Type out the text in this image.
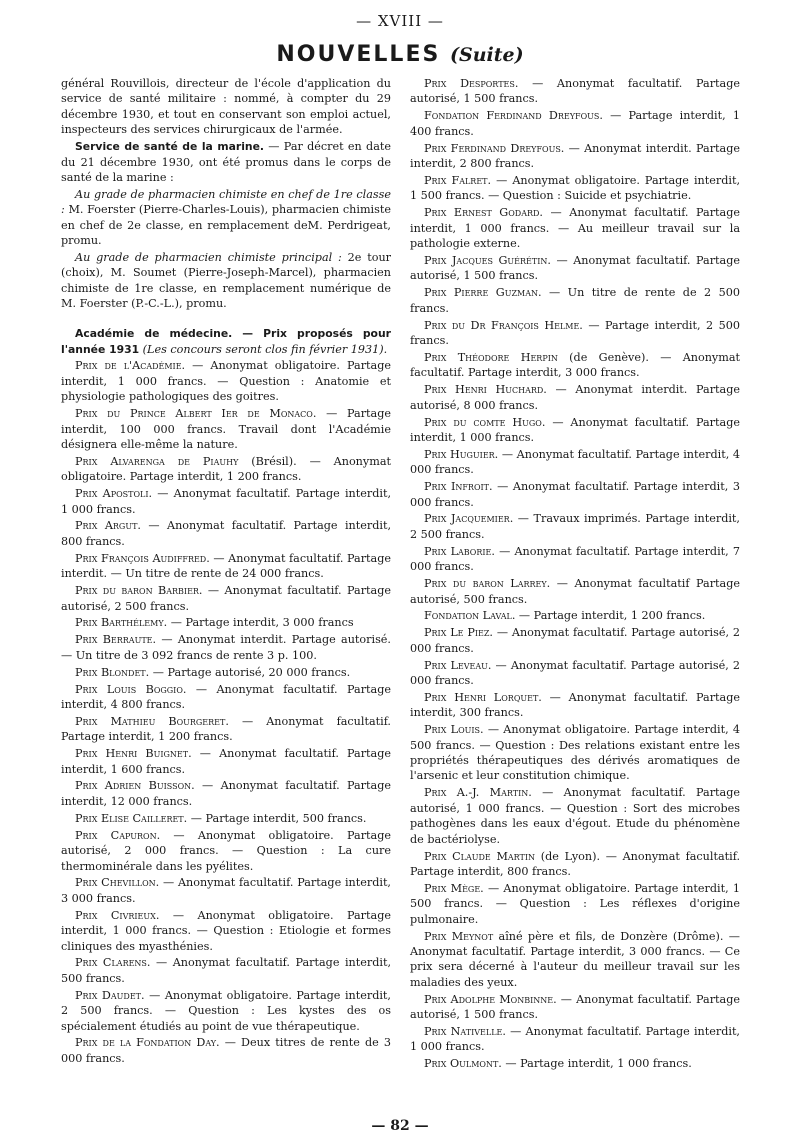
— XVIII —
NOUVELLES (Suite)

général Rouvillois, directeur de l'école d'application du service de santé militaire : nommé, à compter du 29 décembre 1930, et tout en conservant son emploi actuel, inspecteurs des services chirurgicaux de l'armée.

Service de santé de la marine. — Par décret en date du 21 décembre 1930, ont été promus dans le corps de santé de la marine :

Au grade de pharmacien chimiste en chef de 1re classe : M. Foerster (Pierre-Charles-Louis), pharmacien chimiste en chef de 2e classe, en remplacement deM. Perdrigeat, promu.

Au grade de pharmacien chimiste principal : 2e tour (choix), M. Soumet (Pierre-Joseph-Marcel), pharmacien chimiste de 1re classe, en remplacement numérique de M. Foerster (P.-C.-L.), promu.

Académie de médecine. — Prix proposés pour l'année 1931 (Les concours seront clos fin février 1931).

Prix de l'Académie. — Anonymat obligatoire. Partage interdit, 1 000 francs. — Question : Anatomie et physiologie pathologiques des goitres.

Prix du Prince Albert Ier de Monaco. — Partage interdit, 100 000 francs. Travail dont l'Académie désignera elle-même la nature.

Prix Alvarenga de Piauhy (Brésil). — Anonymat obligatoire. Partage interdit, 1 200 francs.

Prix Apostoli. — Anonymat facultatif. Partage interdit, 1 000 francs.

Prix Argut. — Anonymat facultatif. Partage interdit, 800 francs.

Prix François Audiffred. — Anonymat facultatif. Partage interdit. — Un titre de rente de 24 000 francs.

Prix du baron Barbier. — Anonymat facultatif. Partage autorisé, 2 500 francs.

Prix Barthélemy. — Partage interdit, 3 000 francs

Prix Berraute. — Anonymat interdit. Partage autorisé. — Un titre de 3 092 francs de rente 3 p. 100.

Prix Blondet. — Partage autorisé, 20 000 francs.

Prix Louis Boggio. — Anonymat facultatif. Partage interdit, 4 800 francs.

Prix Mathieu Bourgeret. — Anonymat facultatif. Partage interdit, 1 200 francs.

Prix Henri Buignet. — Anonymat facultatif. Partage interdit, 1 600 francs.

Prix Adrien Buisson. — Anonymat facultatif. Partage interdit, 12 000 francs.

Prix Elise Cailleret. — Partage interdit, 500 francs.

Prix Capuron. — Anonymat obligatoire. Partage autorisé, 2 000 francs. — Question : La cure thermominérale dans les pyélites.

Prix Chevillon. — Anonymat facultatif. Partage interdit, 3 000 francs.

Prix Civrieux. — Anonymat obligatoire. Partage interdit, 1 000 francs. — Question : Etiologie et formes cliniques des myasthénies.

Prix Clarens. — Anonymat facultatif. Partage interdit, 500 francs.

Prix Daudet. — Anonymat obligatoire. Partage interdit, 2 500 francs. — Question : Les kystes des os spécialement étudiés au point de vue thérapeutique.

Prix de la Fondation Day. — Deux titres de rente de 3 000 francs.

Prix Desportes. — Anonymat facultatif. Partage autorisé, 1 500 francs.

Fondation Ferdinand Dreyfous. — Partage interdit, 1 400 francs.

Prix Ferdinand Dreyfous. — Anonymat interdit. Partage interdit, 2 800 francs.

Prix Falret. — Anonymat obligatoire. Partage interdit, 1 500 francs. — Question : Suicide et psychiatrie.

Prix Ernest Godard. — Anonymat facultatif. Partage interdit, 1 000 francs. — Au meilleur travail sur la pathologie externe.

Prix Jacques Guérétin. — Anonymat facultatif. Partage autorisé, 1 500 francs.

Prix Pierre Guzman. — Un titre de rente de 2 500 francs.

Prix du Dr François Helme. — Partage interdit, 2 500 francs.

Prix Théodore Herpin (de Genève). — Anonymat facultatif. Partage interdit, 3 000 francs.

Prix Henri Huchard. — Anonymat interdit. Partage autorisé, 8 000 francs.

Prix du comte Hugo. — Anonymat facultatif. Partage interdit, 1 000 francs.

Prix Huguier. — Anonymat facultatif. Partage interdit, 4 000 francs.

Prix Infroit. — Anonymat facultatif. Partage interdit, 3 000 francs.

Prix Jacquemier. — Travaux imprimés. Partage interdit, 2 500 francs.

Prix Laborie. — Anonymat facultatif. Partage interdit, 7 000 francs.

Prix du baron Larrey. — Anonymat facultatif Partage autorisé, 500 francs.

Fondation Laval. — Partage interdit, 1 200 francs.

Prix Le Piez. — Anonymat facultatif. Partage autorisé, 2 000 francs.

Prix Leveau. — Anonymat facultatif. Partage autorisé, 2 000 francs.

Prix Henri Lorquet. — Anonymat facultatif. Partage interdit, 300 francs.

Prix Louis. — Anonymat obligatoire. Partage interdit, 4 500 francs. — Question : Des relations existant entre les propriétés thérapeutiques des dérivés aromatiques de l'arsenic et leur constitution chimique.

Prix A.-J. Martin. — Anonymat facultatif. Partage autorisé, 1 000 francs. — Question : Sort des microbes pathogènes dans les eaux d'égout. Etude du phénomène de bactériolyse.

Prix Claude Martin (de Lyon). — Anonymat facultatif. Partage interdit, 800 francs.

Prix Mège. — Anonymat obligatoire. Partage interdit, 1 500 francs. — Question : Les réflexes d'origine pulmonaire.

Prix Meynot aîné père et fils, de Donzère (Drôme). — Anonymat facultatif. Partage interdit, 3 000 francs. — Ce prix sera décerné à l'auteur du meilleur travail sur les maladies des yeux.

Prix Adolphe Monbinne. — Anonymat facultatif. Partage autorisé, 1 500 francs.

Prix Nativelle. — Anonymat facultatif. Partage interdit, 1 000 francs.

Prix Oulmont. — Partage interdit, 1 000 francs.

— 82 —
